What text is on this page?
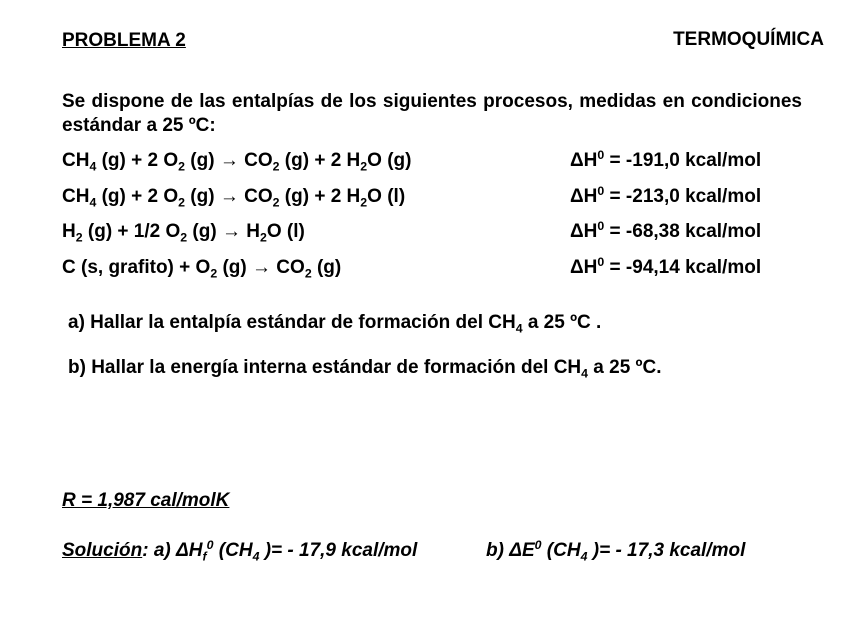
PROBLEMA 2	TERMOQUÍMICA
Se dispone de las entalpías de los siguientes procesos, medidas en condiciones estándar a 25 ºC:
$CH_4$ (g) + 2 $O_2$ $(g) \to CO_2$ (g) + 2 $H_2O$ (g)	$\Delta H^0 = -191,0$ kcal/mol
$CH_4$ (g) + 2 $O_2$ $(g) \to CO_2$ (g) + 2 $H_2O$ (l)	$\Delta H^0 = -213,0$ kcal/mol
$H_2$ (g) + 1/2 $O_2$ $(g) \to H_2O$ (l)	$\Delta H^0 = -68,38$ kcal/mol
C (s, grafito) + $O_2$ $(g) \to CO_2$ (g)	$\Delta H^0 = -94,14$ kcal/mol
a) Hallar la entalpía estándar de formación del $CH_4$ a 25 ºC .
b) Hallar la energía interna estándar de formación del $CH_4$ a 25 ºC.
R = 1,987 cal/molK
Solución: a) $\Delta H_f^0$ ($CH_4$ )= - 17,9 kcal/mol	b) $\Delta E^0$ ($CH_4$ )= - 17,3 kcal/mol
